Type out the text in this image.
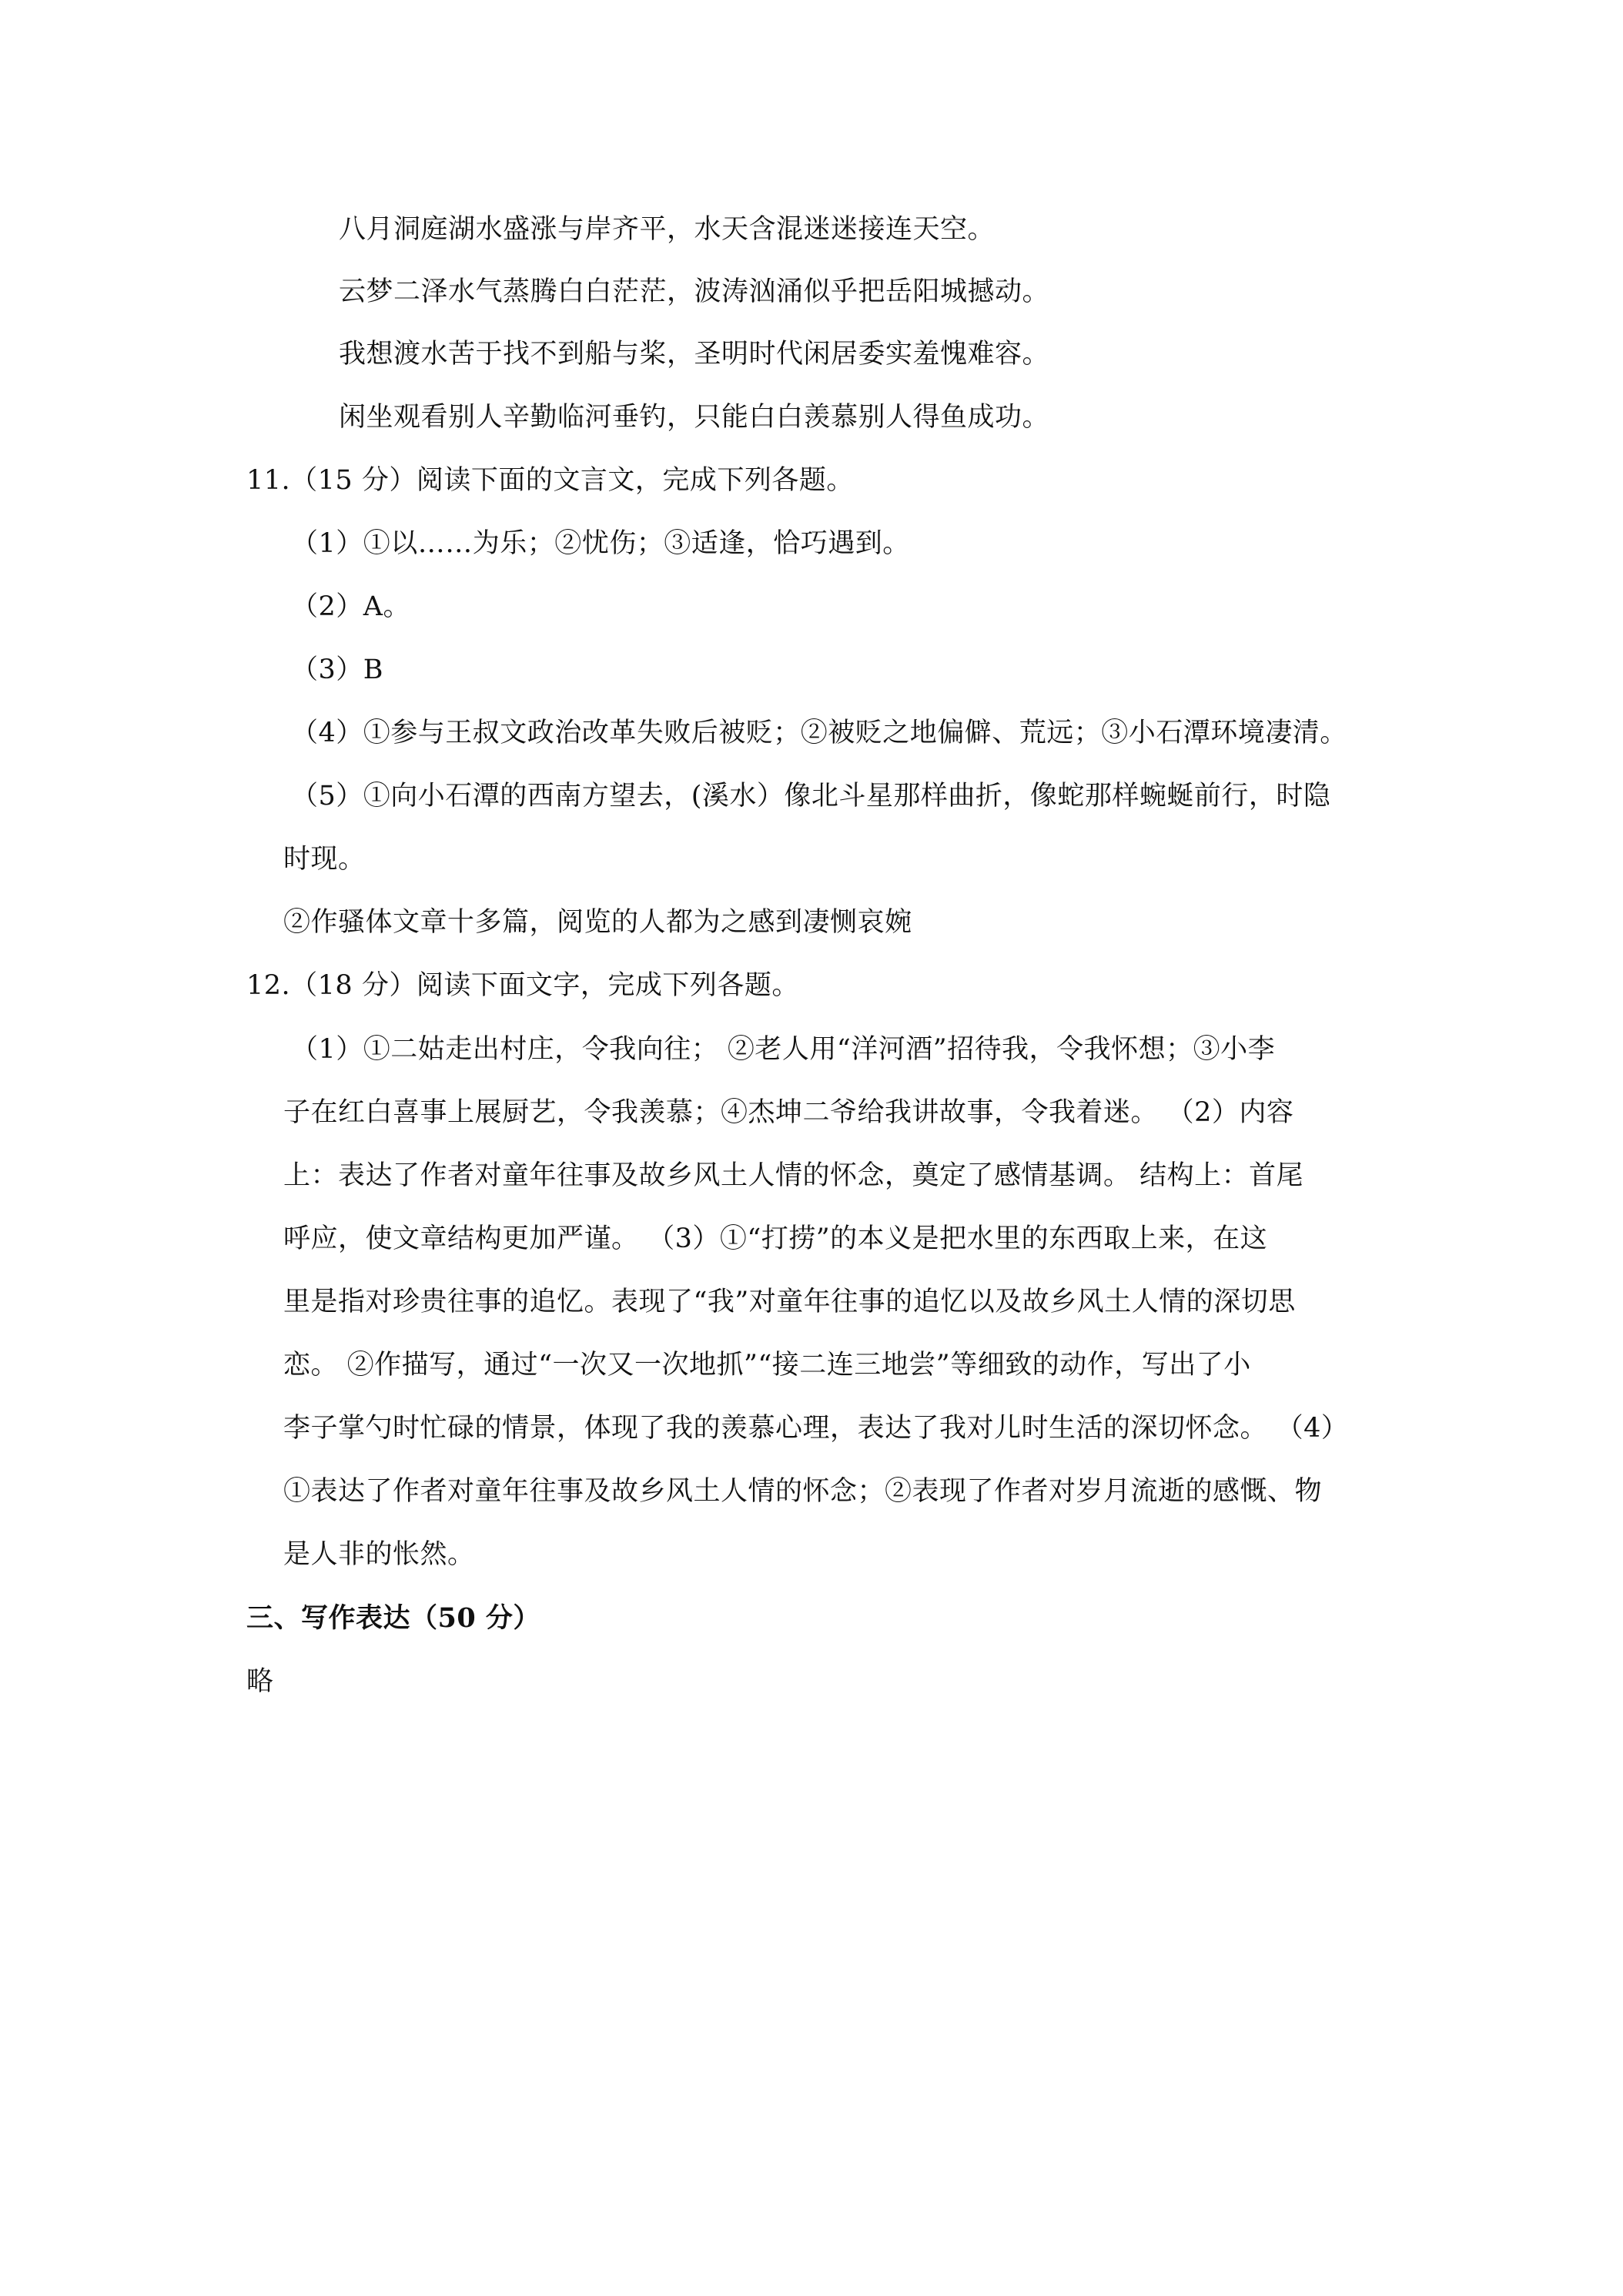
八月洞庭湖水盛涨与岸齐平，水天含混迷迷接连天空。
云梦二泽水气蒸腾白白茫茫，波涛汹涌似乎把岳阳城撼动。
我想渡水苦于找不到船与桨，圣明时代闲居委实羞愧难容。
闲坐观看别人辛勤临河垂钓，只能白白羡慕别人得鱼成功。
11.（15 分）阅读下面的文言文，完成下列各题。
（1）①以……为乐；②忧伤；③适逢，恰巧遇到。
（2）A。
（3）B
（4）①参与王叔文政治改革失败后被贬；②被贬之地偏僻、荒远；③小石潭环境凄清。
（5）①向小石潭的西南方望去，(溪水）像北斗星那样曲折，像蛇那样蜿蜒前行，时隐
时现。
②作骚体文章十多篇，阅览的人都为之感到凄恻哀婉
12.（18 分）阅读下面文字，完成下列各题。
（1）①二姑走出村庄，令我向往； ②老人用“洋河酒”招待我，令我怀想；③小李
子在红白喜事上展厨艺，令我羡慕；④杰坤二爷给我讲故事，令我着迷。 （2）内容
上：表达了作者对童年往事及故乡风土人情的怀念，奠定了感情基调。 结构上：首尾
呼应，使文章结构更加严谨。 （3）①“打捞”的本义是把水里的东西取上来，在这
里是指对珍贵往事的追忆。表现了“我”对童年往事的追忆以及故乡风土人情的深切思
恋。 ②作描写，通过“一次又一次地抓”“接二连三地尝”等细致的动作，写出了小
李子掌勺时忙碌的情景，体现了我的羡慕心理，表达了我对儿时生活的深切怀念。 （4）
①表达了作者对童年往事及故乡风土人情的怀念；②表现了作者对岁月流逝的感慨、物
是人非的怅然。
三、写作表达（50 分）
略
